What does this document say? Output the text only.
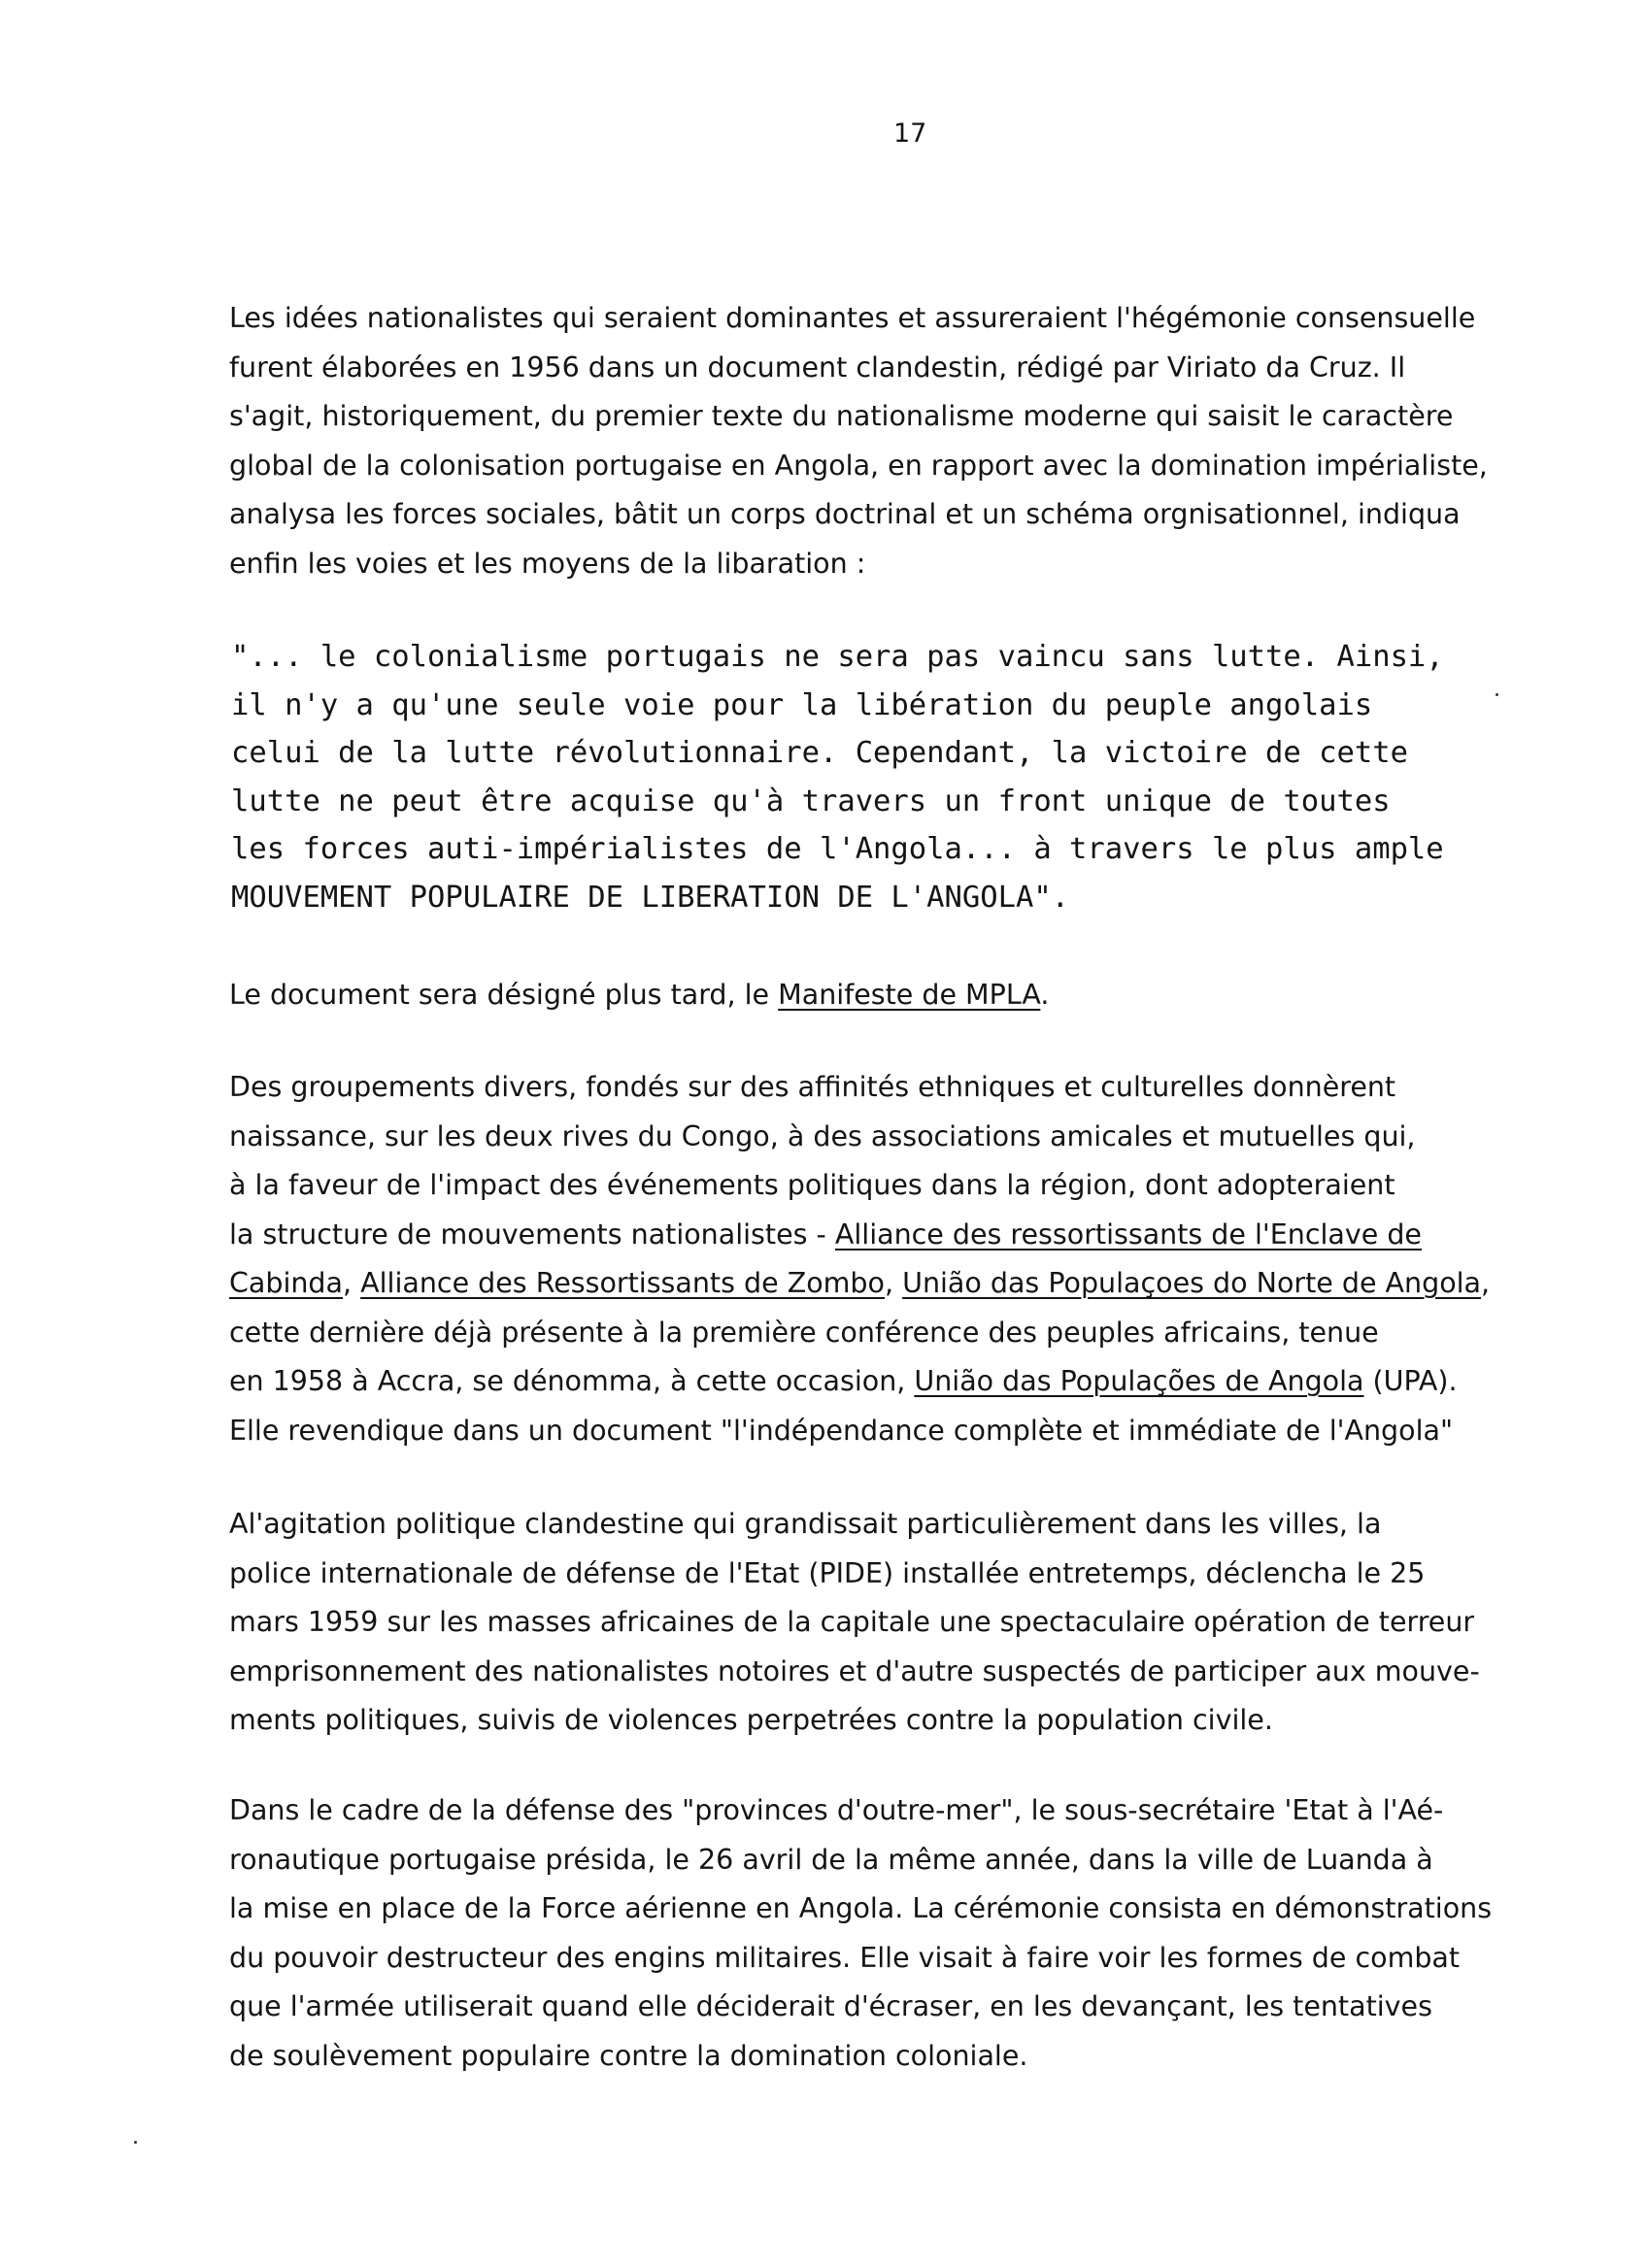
17
Les idées nationalistes qui seraient dominantes et assureraient l'hégémonie consensuelle
furent élaborées en 1956 dans un document clandestin, rédigé par Viriato da Cruz. Il
s'agit, historiquement, du premier texte du nationalisme moderne qui saisit le caractère
global de la colonisation portugaise en Angola, en rapport avec la domination impérialiste,
analysa les forces sociales, bâtit un corps doctrinal et un schéma orgnisationnel, indiqua
enfin les voies et les moyens de la libaration :
"... le colonialisme portugais ne sera pas vaincu sans lutte. Ainsi,
il n'y a qu'une seule voie pour la libération du peuple angolais
celui de la lutte révolutionnaire. Cependant, la victoire de cette
lutte ne peut être acquise qu'à travers un front unique de toutes
les forces auti-impérialistes de l'Angola... à travers le plus ample
MOUVEMENT POPULAIRE DE LIBERATION DE L'ANGOLA".
Le document sera désigné plus tard, le Manifeste de MPLA.
Des groupements divers, fondés sur des affinités ethniques et culturelles donnèrent
naissance, sur les deux rives du Congo, à des associations amicales et mutuelles qui,
à la faveur de l'impact des événements politiques dans la région, dont adopteraient
la structure de mouvements nationalistes - Alliance des ressortissants de l'Enclave de
Cabinda, Alliance des Ressortissants de Zombo, União das Populaçoes do Norte de Angola,
cette dernière déjà présente à la première conférence des peuples africains, tenue
en 1958 à Accra, se dénomma, à cette occasion, União das Populações de Angola (UPA).
Elle revendique dans un document "l'indépendance complète et immédiate de l'Angola"
Al'agitation politique clandestine qui grandissait particulièrement dans les villes, la
police internationale de défense de l'Etat (PIDE) installée entretemps, déclencha le 25
mars 1959 sur les masses africaines de la capitale une spectaculaire opération de terreur
emprisonnement des nationalistes notoires et d'autre suspectés de participer aux mouve-
ments politiques, suivis de violences perpetrées contre la population civile.
Dans le cadre de la défense des "provinces d'outre-mer", le sous-secrétaire 'Etat à l'Aé-
ronautique portugaise présida, le 26 avril de la même année, dans la ville de Luanda à
la mise en place de la Force aérienne en Angola. La cérémonie consista en démonstrations
du pouvoir destructeur des engins militaires. Elle visait à faire voir les formes de combat
que l'armée utiliserait quand elle déciderait d'écraser, en les devançant, les tentatives
de soulèvement populaire contre la domination coloniale.
